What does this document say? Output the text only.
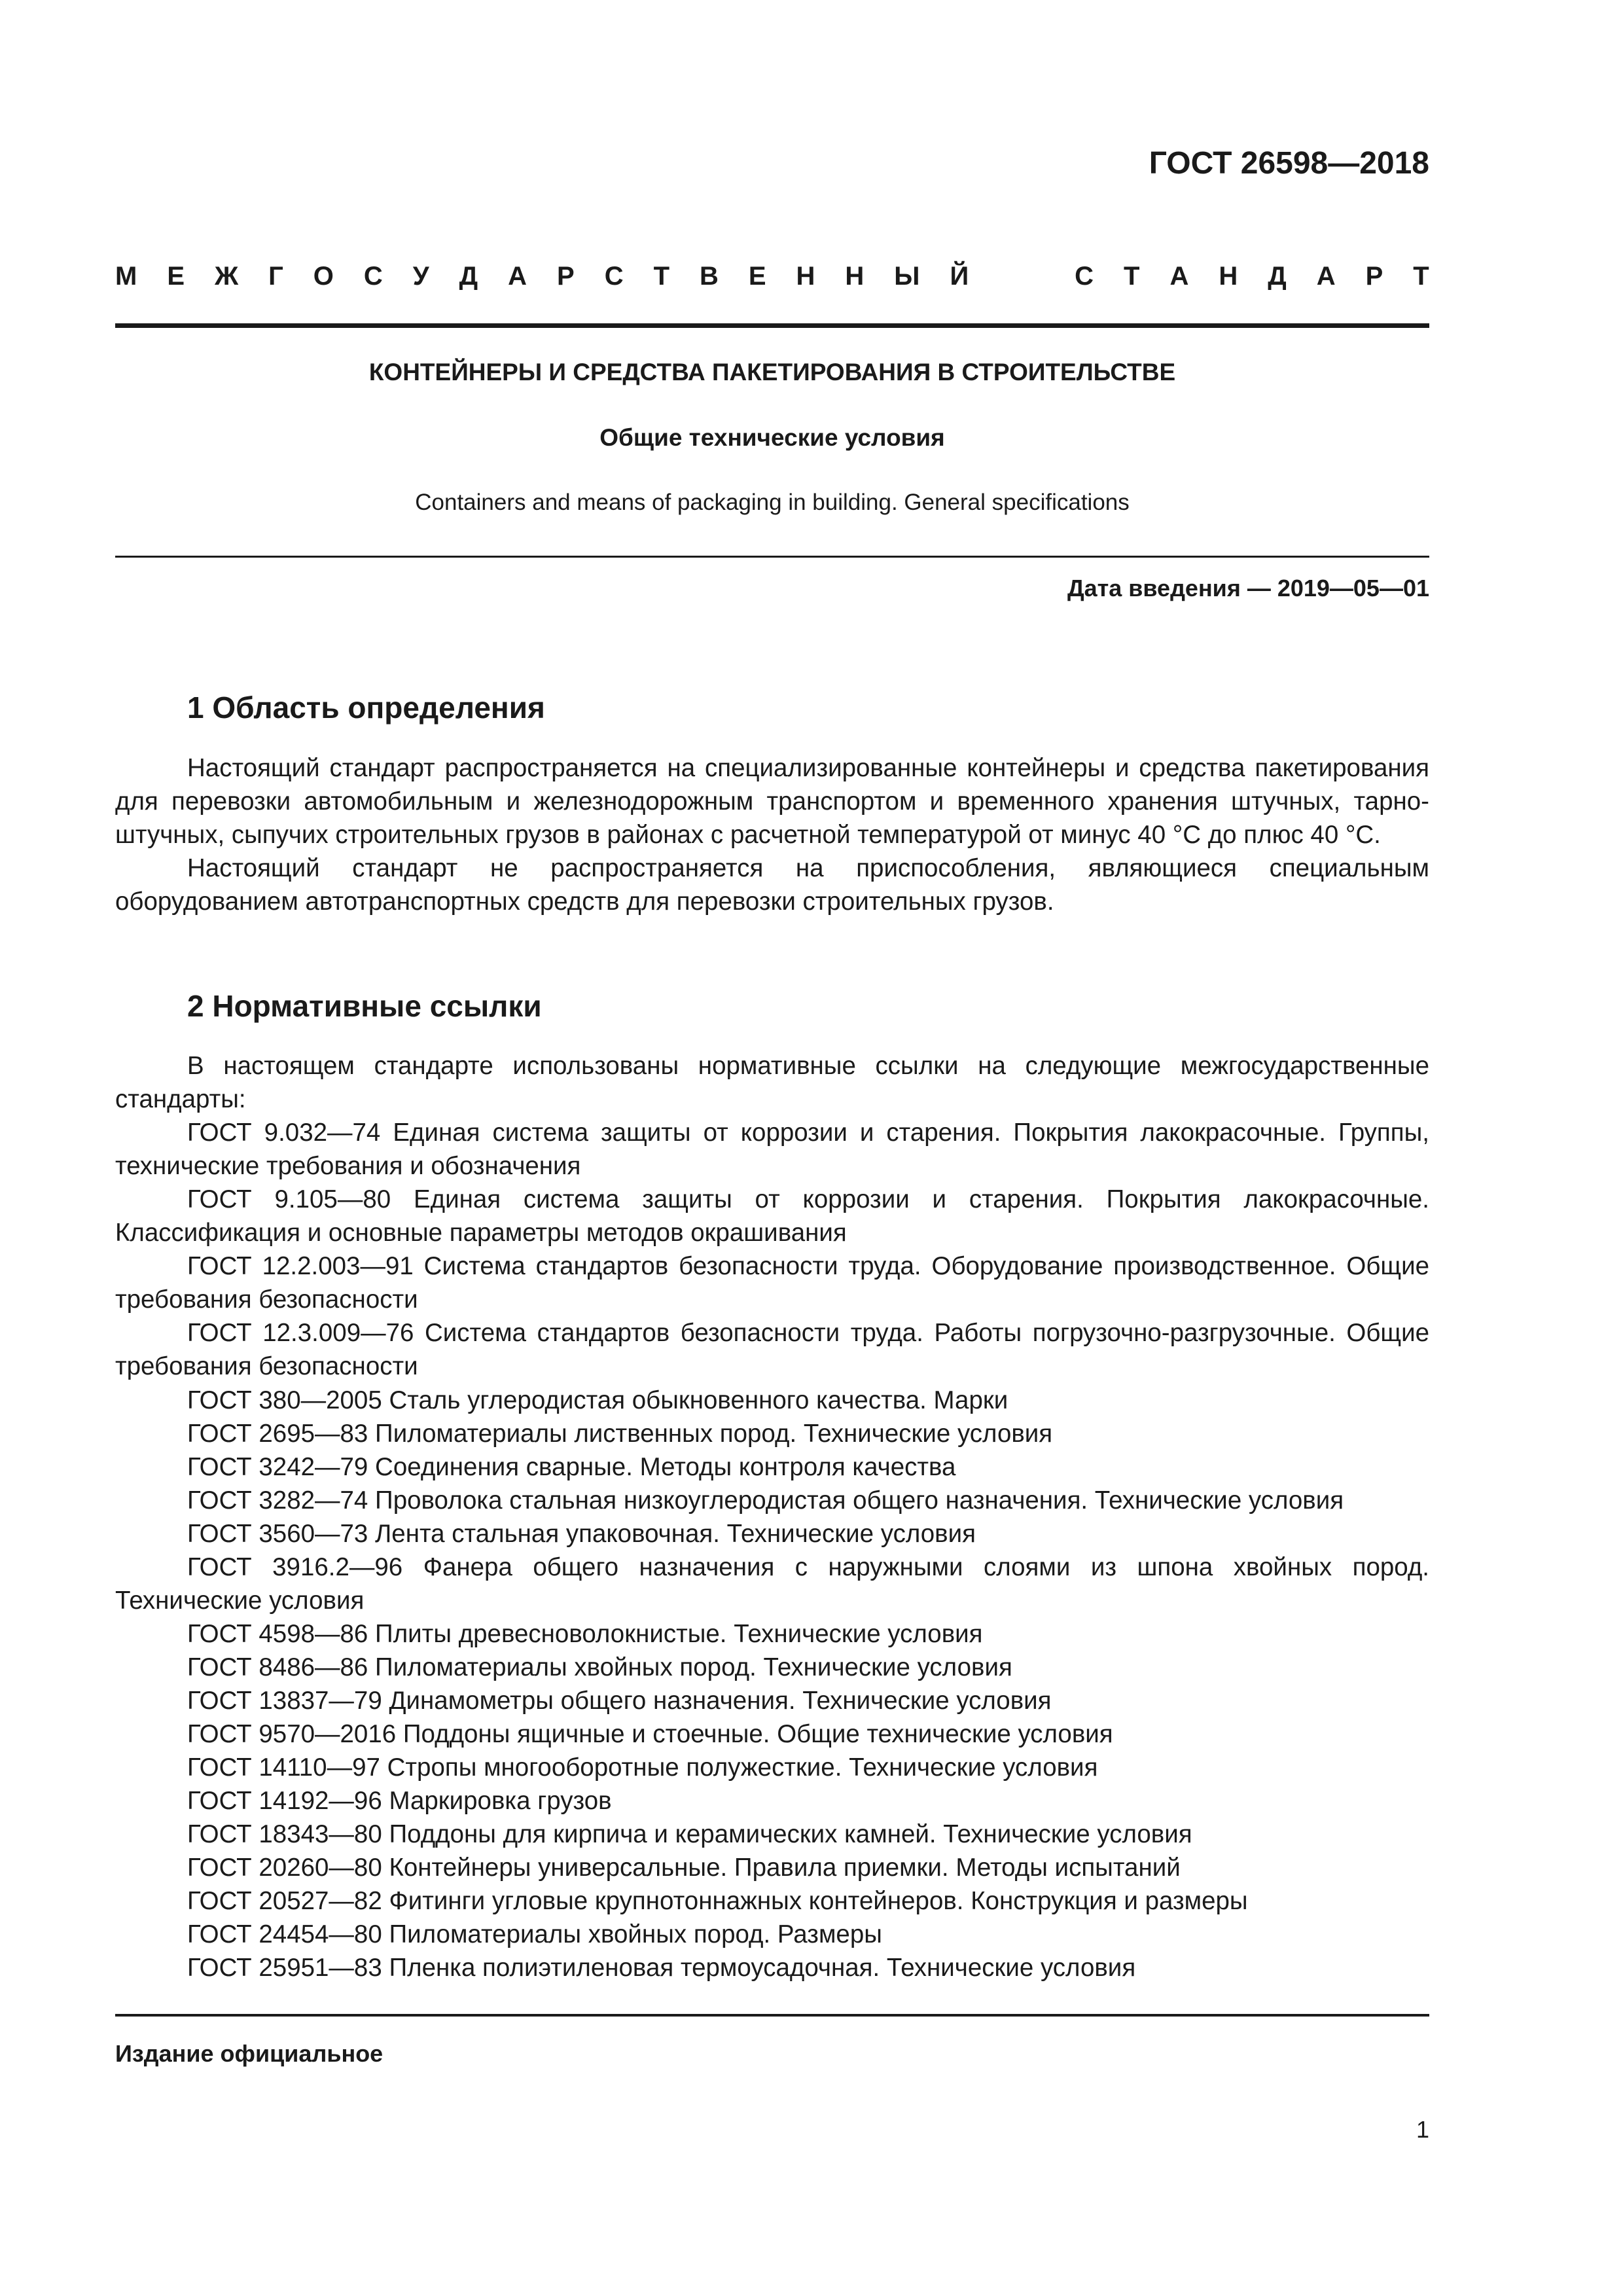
ГОСТ 26598—2018
М Е Ж Г О С У Д А Р С Т В Е Н Н Ы Й	С Т А Н Д А Р Т
КОНТЕЙНЕРЫ И СРЕДСТВА ПАКЕТИРОВАНИЯ В СТРОИТЕЛЬСТВЕ
Общие технические условия
Containers and means of packaging in building. General specifications
Дата введения — 2019—05—01
1 Область определения

Настоящий стандарт распространяется на специализированные контейнеры и средства пакетирования для перевозки автомобильным и железнодорожным транспортом и временного хранения штучных, тарно-штучных, сыпучих строительных грузов в районах с расчетной температурой от минус 40 °С до плюс 40 °С.

Настоящий стандарт не распространяется на приспособления, являющиеся специальным оборудованием автотранспортных средств для перевозки строительных грузов.

2 Нормативные ссылки

В настоящем стандарте использованы нормативные ссылки на следующие межгосударственные стандарты:

ГОСТ 9.032—74 Единая система защиты от коррозии и старения. Покрытия лакокрасочные. Группы, технические требования и обозначения

ГОСТ 9.105—80 Единая система защиты от коррозии и старения. Покрытия лакокрасочные. Классификация и основные параметры методов окрашивания

ГОСТ 12.2.003—91 Система стандартов безопасности труда. Оборудование производственное. Общие требования безопасности

ГОСТ 12.3.009—76 Система стандартов безопасности труда. Работы погрузочно-разгрузочные. Общие требования безопасности

ГОСТ 380—2005 Сталь углеродистая обыкновенного качества. Марки
ГОСТ 2695—83 Пиломатериалы лиственных пород. Технические условия
ГОСТ 3242—79 Соединения сварные. Методы контроля качества
ГОСТ 3282—74 Проволока стальная низкоуглеродистая общего назначения. Технические условия
ГОСТ 3560—73 Лента стальная упаковочная. Технические условия

ГОСТ 3916.2—96 Фанера общего назначения с наружными слоями из шпона хвойных пород. Технические условия

ГОСТ 4598—86 Плиты древесноволокнистые. Технические условия
ГОСТ 8486—86 Пиломатериалы хвойных пород. Технические условия
ГОСТ 13837—79 Динамометры общего назначения. Технические условия
ГОСТ 9570—2016 Поддоны ящичные и стоечные. Общие технические условия
ГОСТ 14110—97 Стропы многооборотные полужесткие. Технические условия
ГОСТ 14192—96 Маркировка грузов
ГОСТ 18343—80 Поддоны для кирпича и керамических камней. Технические условия
ГОСТ 20260—80 Контейнеры универсальные. Правила приемки. Методы испытаний
ГОСТ 20527—82 Фитинги угловые крупнотоннажных контейнеров. Конструкция и размеры
ГОСТ 24454—80 Пиломатериалы хвойных пород. Размеры
ГОСТ 25951—83 Пленка полиэтиленовая термоусадочная. Технические условия
Издание официальное
1
